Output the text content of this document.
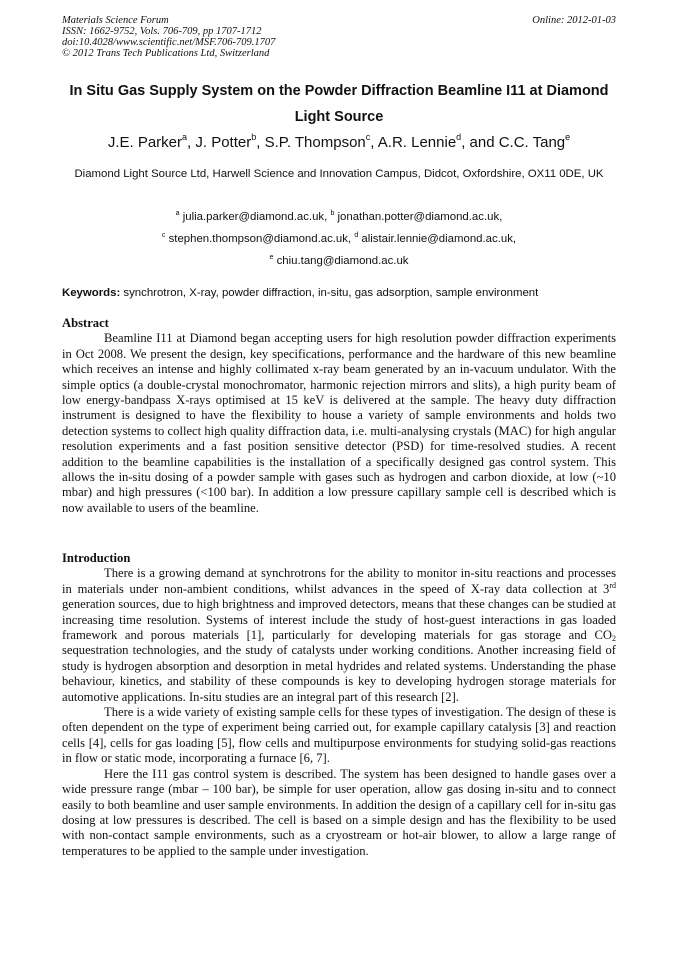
Materials Science Forum
ISSN: 1662-9752, Vols. 706-709, pp 1707-1712
doi:10.4028/www.scientific.net/MSF.706-709.1707
© 2012 Trans Tech Publications Ltd, Switzerland
Online: 2012-01-03
In Situ Gas Supply System on the Powder Diffraction Beamline I11 at Diamond Light Source
J.E. Parker$^a$, J. Potter$^b$, S.P. Thompson$^c$, A.R. Lennie$^d$, and C.C. Tang$^e$
Diamond Light Source Ltd, Harwell Science and Innovation Campus, Didcot, Oxfordshire, OX11 0DE, UK
$^a$ julia.parker@diamond.ac.uk, $^b$ jonathan.potter@diamond.ac.uk,
$^c$ stephen.thompson@diamond.ac.uk, $^d$ alistair.lennie@diamond.ac.uk,
$^e$ chiu.tang@diamond.ac.uk
Keywords: synchrotron, X-ray, powder diffraction, in-situ, gas adsorption, sample environment
Abstract

Beamline I11 at Diamond began accepting users for high resolution powder diffraction experiments in Oct 2008. We present the design, key specifications, performance and the hardware of this new beamline which receives an intense and highly collimated x-ray beam generated by an in-vacuum undulator. With the simple optics (a double-crystal monochromator, harmonic rejection mirrors and slits), a high purity beam of low energy-bandpass X-rays optimised at 15 keV is delivered at the sample. The heavy duty diffraction instrument is designed to have the flexibility to house a variety of sample environments and holds two detection systems to collect high quality diffraction data, i.e. multi-analysing crystals (MAC) for high angular resolution experiments and a fast position sensitive detector (PSD) for time-resolved studies. A recent addition to the beamline capabilities is the installation of a specifically designed gas control system. This allows the in-situ dosing of a powder sample with gases such as hydrogen and carbon dioxide, at low (~10 mbar) and high pressures (<100 bar). In addition a low pressure capillary sample cell is described which is now available to users of the beamline.

Introduction

There is a growing demand at synchrotrons for the ability to monitor in-situ reactions and processes in materials under non-ambient conditions, whilst advances in the speed of X-ray data collection at 3rd generation sources, due to high brightness and improved detectors, means that these changes can be studied at increasing time resolution. Systems of interest include the study of host-guest interactions in gas loaded framework and porous materials [1], particularly for developing materials for gas storage and $CO_2$ sequestration technologies, and the study of catalysts under working conditions. Another increasing field of study is hydrogen absorption and desorption in metal hydrides and related systems. Understanding the phase behaviour, kinetics, and stability of these compounds is key to developing hydrogen storage materials for automotive applications. In-situ studies are an integral part of this research [2].

There is a wide variety of existing sample cells for these types of investigation. The design of these is often dependent on the type of experiment being carried out, for example capillary catalysis [3] and reaction cells [4], cells for gas loading [5], flow cells and multipurpose environments for studying solid-gas reactions in flow or static mode, incorporating a furnace [6, 7].

Here the I11 gas control system is described. The system has been designed to handle gases over a wide pressure range (mbar – 100 bar), be simple for user operation, allow gas dosing in-situ and to connect easily to both beamline and user sample environments. In addition the design of a capillary cell for in-situ gas dosing at low pressures is described. The cell is based on a simple design and has the flexibility to be used with non-contact sample environments, such as a cryostream or hot-air blower, to allow a large range of temperatures to be applied to the sample under investigation.
